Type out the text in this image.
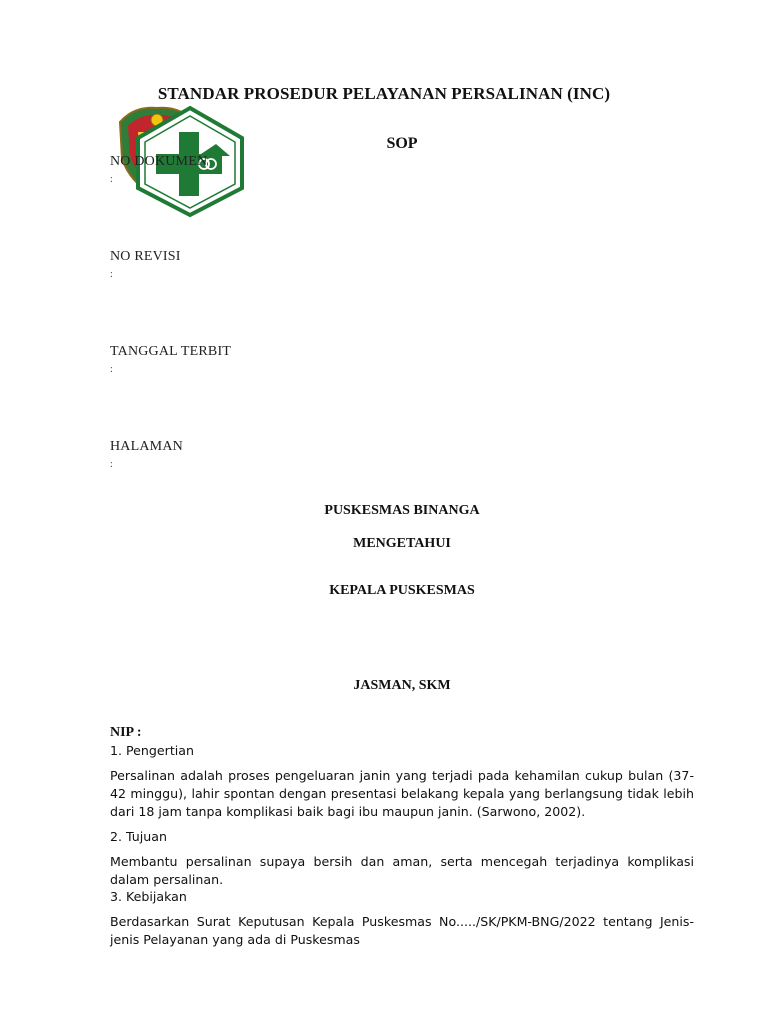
STANDAR PROSEDUR PELAYANAN PERSALINAN (INC)
SOP
NO DOKUMEN
:
NO REVISI
:
TANGGAL TERBIT
:
HALAMAN
:
PUSKESMAS BINANGA
MENGETAHUI
KEPALA PUSKESMAS
JASMAN, SKM
NIP :
1. Pengertian
Persalinan adalah proses pengeluaran janin yang terjadi pada kehamilan cukup bulan (37-42 minggu), lahir spontan dengan presentasi belakang kepala yang berlangsung tidak lebih dari 18 jam tanpa komplikasi baik bagi ibu maupun janin. (Sarwono, 2002).
2. Tujuan
Membantu persalinan supaya bersih dan aman, serta mencegah terjadinya komplikasi dalam persalinan.
3. Kebijakan
Berdasarkan Surat Keputusan Kepala Puskesmas No...../SK/PKM-BNG/2022 tentang Jenis-jenis Pelayanan yang ada di Puskesmas
